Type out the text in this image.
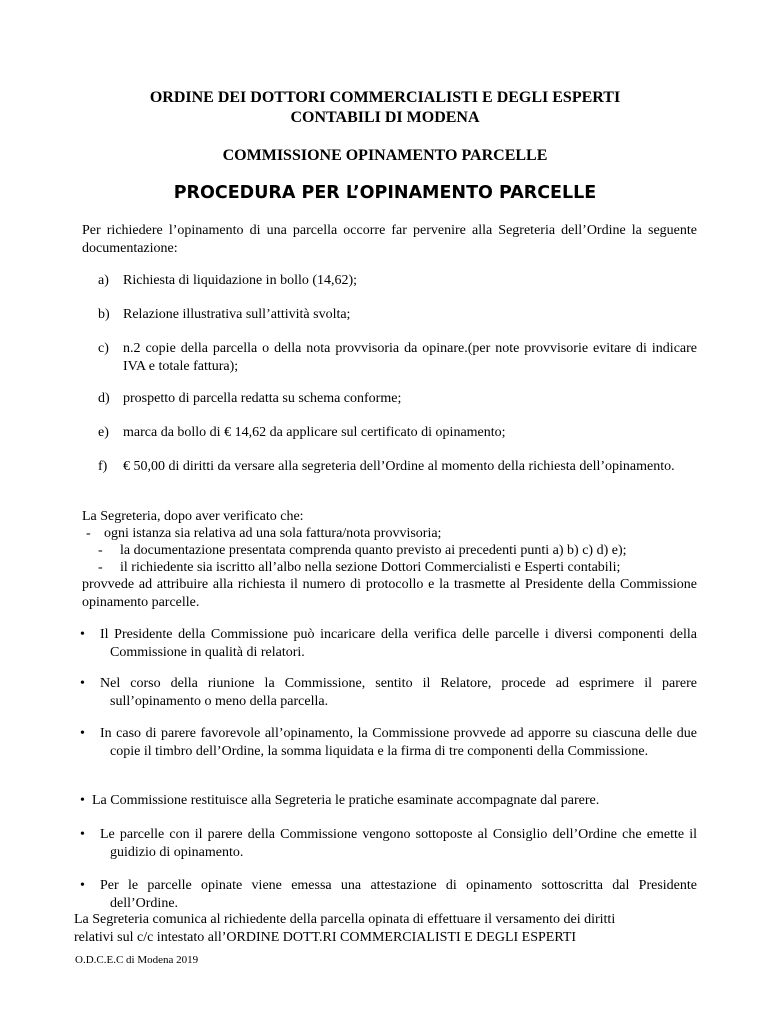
ORDINE DEI DOTTORI COMMERCIALISTI E DEGLI ESPERTI
CONTABILI DI MODENA
COMMISSIONE OPINAMENTO PARCELLE
PROCEDURA PER L’OPINAMENTO PARCELLE
Per richiedere l’opinamento di una parcella occorre far pervenire alla Segreteria dell’Ordine la seguente documentazione:
a) Richiesta di liquidazione in bollo (14,62);
b) Relazione illustrativa sull’attività svolta;
c) n.2 copie della parcella o della nota provvisoria da opinare.(per note provvisorie evitare di indicare IVA e totale fattura);
d) prospetto di parcella redatta su schema conforme;
e) marca da bollo di € 14,62 da applicare sul certificato di opinamento;
f) € 50,00 di diritti da versare alla segreteria dell’Ordine al momento della richiesta dell’opinamento.
La Segreteria, dopo aver verificato che:
- ogni istanza sia relativa ad una sola fattura/nota provvisoria;
- la documentazione presentata comprenda quanto previsto ai precedenti punti a) b) c) d) e);
- il richiedente sia iscritto all’albo nella sezione Dottori Commercialisti e Esperti contabili;
provvede ad attribuire alla richiesta il numero di protocollo e la trasmette al Presidente della Commissione opinamento parcelle.
• Il Presidente della Commissione può incaricare della verifica delle parcelle i diversi componenti della Commissione in qualità di relatori.
• Nel corso della riunione la Commissione, sentito il Relatore, procede ad esprimere il parere sull’opinamento o meno della parcella.
• In caso di parere favorevole all’opinamento, la Commissione provvede ad apporre su ciascuna delle due copie il timbro dell’Ordine, la somma liquidata e la firma di tre componenti della Commissione.
• La Commissione restituisce alla Segreteria le pratiche esaminate accompagnate dal parere.
• Le parcelle con il parere della Commissione vengono sottoposte al Consiglio dell’Ordine che emette il guidizio di opinamento.
• Per le parcelle opinate viene emessa una attestazione di opinamento sottoscritta dal Presidente dell’Ordine.
La Segreteria comunica al richiedente della parcella opinata di effettuare il versamento dei diritti
relativi sul c/c intestato all’ORDINE DOTT.RI COMMERCIALISTI E DEGLI ESPERTI
O.D.C.E.C di Modena 2019
